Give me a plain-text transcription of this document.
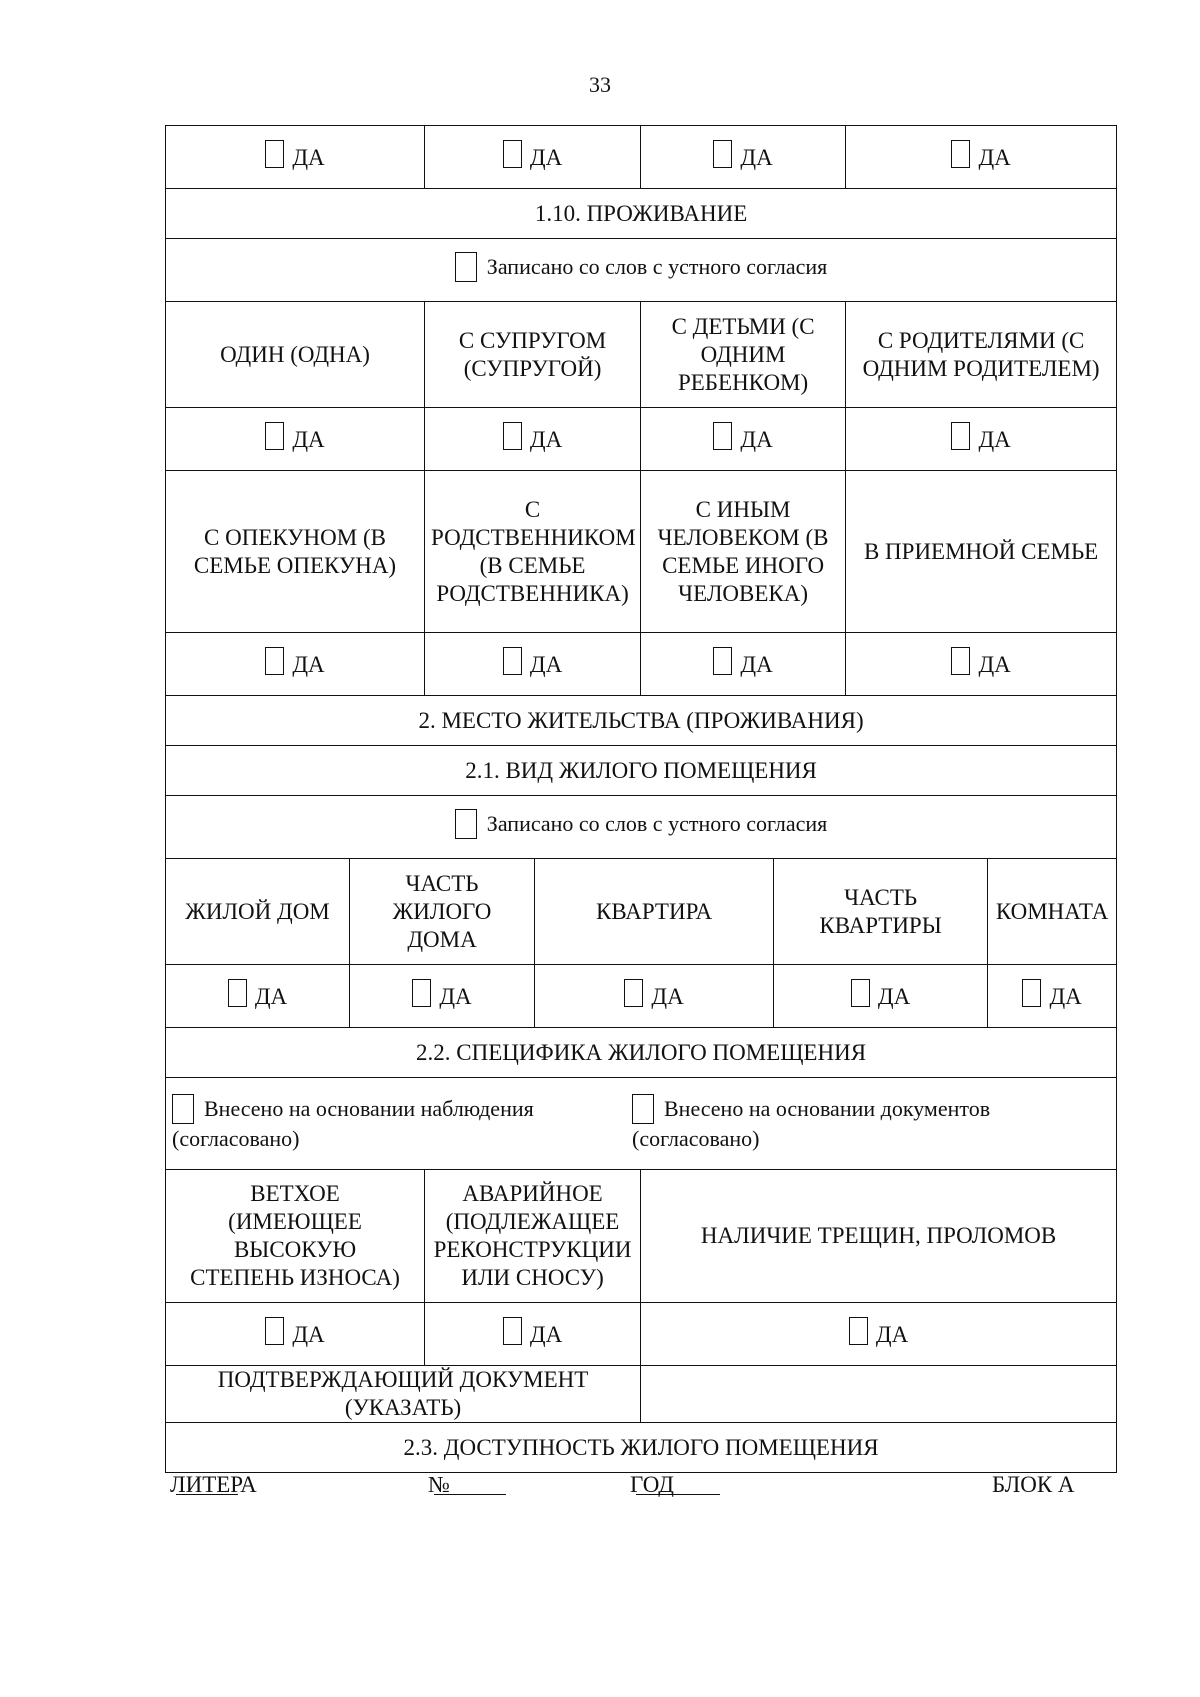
33
ДА		ДА		ДА		ДА	

1.10. ПРОЖИВАНИЕ							

Записано со слов с устного согласия							

ОДИН (ОДНА)		С СУПРУГОМ (СУПРУГОЙ)		С ДЕТЬМИ (С ОДНИМ РЕБЕНКОМ)		С РОДИТЕЛЯМИ (С ОДНИМ РОДИТЕЛЕМ)	

ДА		ДА		ДА		ДА	

С ОПЕКУНОМ (В СЕМЬЕ ОПЕКУНА)		С РОДСТВЕННИКОМ (В СЕМЬЕ РОДСТВЕННИКА)		С ИНЫМ ЧЕЛОВЕКОМ (В СЕМЬЕ ИНОГО ЧЕЛОВЕКА)		В ПРИЕМНОЙ СЕМЬЕ	

ДА		ДА		ДА		ДА	

2. МЕСТО ЖИТЕЛЬСТВА (ПРОЖИВАНИЯ)							
2.1. ВИД ЖИЛОГО ПОМЕЩЕНИЯ							

Записано со слов с устного согласия							

ЖИЛОЙ ДОМ	ЧАСТЬ ЖИЛОГО ДОМА		КВАРТИРА		ЧАСТЬ КВАРТИРЫ		КОМНАТА

ДА	ДА		ДА		ДА		ДА

2.2. СПЕЦИФИКА ЖИЛОГО ПОМЕЩЕНИЯ							

Внесено на основании наблюдения
(согласовано)
Внесено на основании документов
(согласовано)							

ВЕТХОЕ (ИМЕЮЩЕЕ ВЫСОКУЮ СТЕПЕНЬ ИЗНОСА)		АВАРИЙНОЕ (ПОДЛЕЖАЩЕЕ РЕКОНСТРУКЦИИ ИЛИ СНОСУ)		НАЛИЧИЕ ТРЕЩИН, ПРОЛОМОВ			

ДА		ДА		ДА			

ПОДТВЕРЖДАЮЩИЙ ДОКУМЕНТ (УКАЗАТЬ)							
2.3. ДОСТУПНОСТЬ ЖИЛОГО ПОМЕЩЕНИЯ							
ЛИТЕРА	№	ГОД	БЛОК А
